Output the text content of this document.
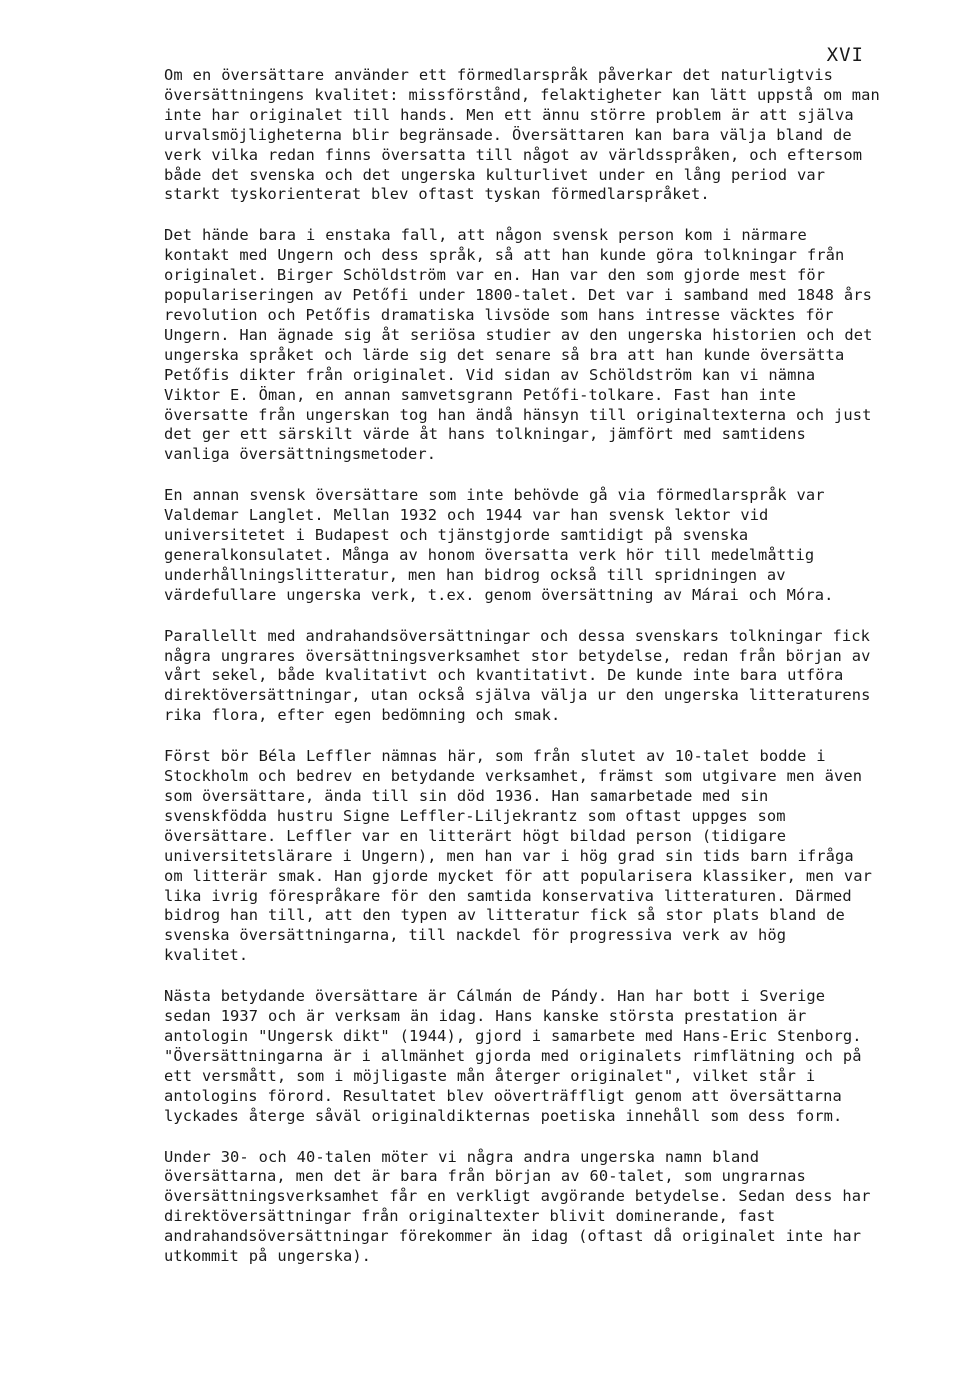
XVI

Om en översättare använder ett förmedlarspråk påverkar det naturligtvis översättningens kvalitet: missförstånd, felaktigheter kan lätt uppstå om man inte har originalet till hands. Men ett ännu större problem är att själva urvalsmöjligheterna blir begränsade. Översättaren kan bara välja bland de verk vilka redan finns översatta till något av världsspråken, och eftersom både det svenska och det ungerska kulturlivet under en lång period var starkt tyskorienterat blev oftast tyskan förmedlarspråket.

Det hände bara i enstaka fall, att någon svensk person kom i närmare kontakt med Ungern och dess språk, så att han kunde göra tolkningar från originalet. Birger Schöldström var en. Han var den som gjorde mest för populariseringen av Petőfi under 1800-talet. Det var i samband med 1848 års revolution och Petőfis dramatiska livsöde som hans intresse väcktes för Ungern. Han ägnade sig åt seriösa studier av den ungerska historien och det ungerska språket och lärde sig det senare så bra att han kunde översätta Petőfis dikter från originalet. Vid sidan av Schöldström kan vi nämna Viktor E. Öman, en annan samvetsgrann Petőfi-tolkare. Fast han inte översatte från ungerskan tog han ändå hänsyn till originaltexterna och just det ger ett särskilt värde åt hans tolkningar, jämfört med samtidens vanliga översättningsmetoder.

En annan svensk översättare som inte behövde gå via förmedlarspråk var Valdemar Langlet. Mellan 1932 och 1944 var han svensk lektor vid universitetet i Budapest och tjänstgjorde samtidigt på svenska generalkonsulatet. Många av honom översatta verk hör till medelmåttig underhållningslitteratur, men han bidrog också till spridningen av värdefullare ungerska verk, t.ex. genom översättning av Márai och Móra.

Parallellt med andrahandsöversättningar och dessa svenskars tolkningar fick några ungrares översättningsverksamhet stor betydelse, redan från början av vårt sekel, både kvalitativt och kvantitativt. De kunde inte bara utföra direktöversättningar, utan också själva välja ur den ungerska litteraturens rika flora, efter egen bedömning och smak.

Först bör Béla Leffler nämnas här, som från slutet av 10-talet bodde i Stockholm och bedrev en betydande verksamhet, främst som utgivare men även som översättare, ända till sin död 1936. Han samarbetade med sin svenskfödda hustru Signe Leffler-Liljekrantz som oftast uppges som översättare. Leffler var en litterärt högt bildad person (tidigare universitetslärare i Ungern), men han var i hög grad sin tids barn ifråga om litterär smak. Han gjorde mycket för att popularisera klassiker, men var lika ivrig förespråkare för den samtida konservativa litteraturen. Därmed bidrog han till, att den typen av litteratur fick så stor plats bland de svenska översättningarna, till nackdel för progressiva verk av hög kvalitet.

Nästa betydande översättare är Cálmán de Pándy. Han har bott i Sverige sedan 1937 och är verksam än idag. Hans kanske största prestation är antologin "Ungersk dikt" (1944), gjord i samarbete med Hans-Eric Stenborg. "Översättningarna är i allmänhet gjorda med originalets rimflätning och på ett versmått, som i möjligaste mån återger originalet", vilket står i antologins förord. Resultatet blev oöverträffligt genom att översättarna lyckades återge såväl originaldikternas poetiska innehåll som dess form.

Under 30- och 40-talen möter vi några andra ungerska namn bland översättarna, men det är bara från början av 60-talet, som ungrarnas översättningsverksamhet får en verkligt avgörande betydelse. Sedan dess har direktöversättningar från originaltexter blivit dominerande, fast andrahandsöversättningar förekommer än idag (oftast då originalet inte har utkommit på ungerska).
